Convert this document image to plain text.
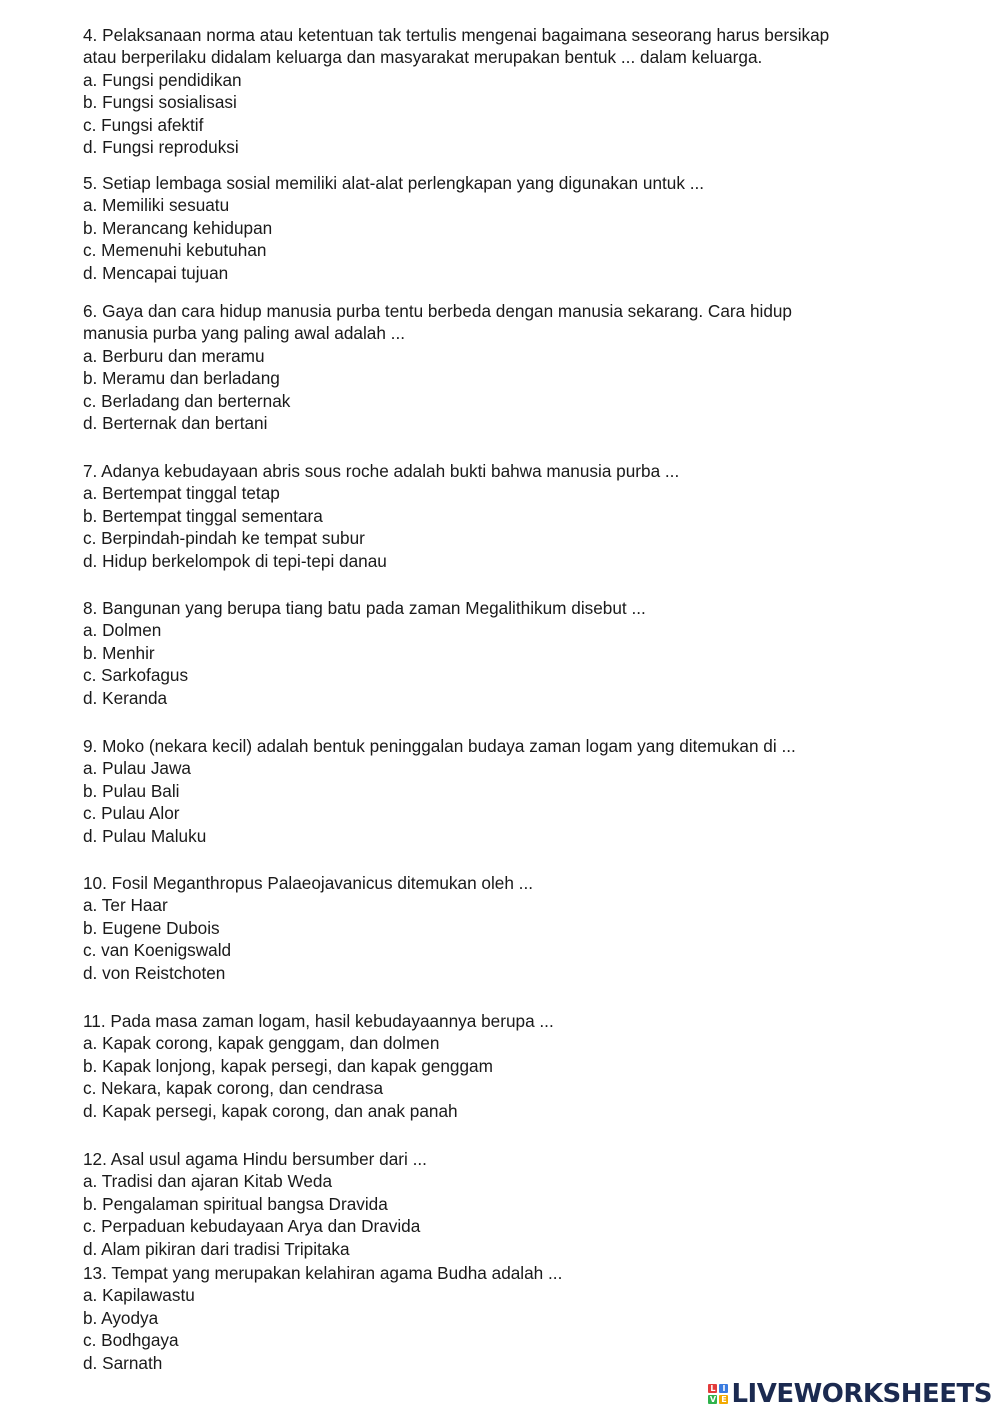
4. Pelaksanaan norma atau ketentuan tak tertulis mengenai bagaimana seseorang harus bersikap
atau berperilaku didalam keluarga dan masyarakat merupakan bentuk ... dalam keluarga.
a. Fungsi pendidikan
b. Fungsi sosialisasi
c. Fungsi afektif
d. Fungsi reproduksi
5. Setiap lembaga sosial memiliki alat-alat perlengkapan yang digunakan untuk ...
a. Memiliki sesuatu
b. Merancang kehidupan
c. Memenuhi kebutuhan
d. Mencapai tujuan
6. Gaya dan cara hidup manusia purba tentu berbeda dengan manusia sekarang. Cara hidup
manusia purba yang paling awal adalah ...
a. Berburu dan meramu
b. Meramu dan berladang
c. Berladang dan berternak
d. Berternak dan bertani
7. Adanya kebudayaan abris sous roche adalah bukti bahwa manusia purba ...
a. Bertempat tinggal tetap
b. Bertempat tinggal sementara
c. Berpindah-pindah ke tempat subur
d. Hidup berkelompok di tepi-tepi danau
8. Bangunan yang berupa tiang batu pada zaman Megalithikum disebut ...
a. Dolmen
b. Menhir
c. Sarkofagus
d. Keranda
9. Moko (nekara kecil) adalah bentuk peninggalan budaya zaman logam yang ditemukan di ...
a. Pulau Jawa
b. Pulau Bali
c. Pulau Alor
d. Pulau Maluku
10. Fosil Meganthropus Palaeojavanicus ditemukan oleh ...
a. Ter Haar
b. Eugene Dubois
c. van Koenigswald
d. von Reistchoten
11. Pada masa zaman logam, hasil kebudayaannya berupa ...
a. Kapak corong, kapak genggam, dan dolmen
b. Kapak lonjong, kapak persegi, dan kapak genggam
c. Nekara, kapak corong, dan cendrasa
d. Kapak persegi, kapak corong, dan anak panah
12. Asal usul agama Hindu bersumber dari ...
a. Tradisi dan ajaran Kitab Weda
b. Pengalaman spiritual bangsa Dravida
c. Perpaduan kebudayaan Arya dan Dravida
d. Alam pikiran dari tradisi Tripitaka
13. Tempat yang merupakan kelahiran agama Budha adalah ...
a. Kapilawastu
b. Ayodya
c. Bodhgaya
d. Sarnath
L I
V E LIVEWORKSHEETS
